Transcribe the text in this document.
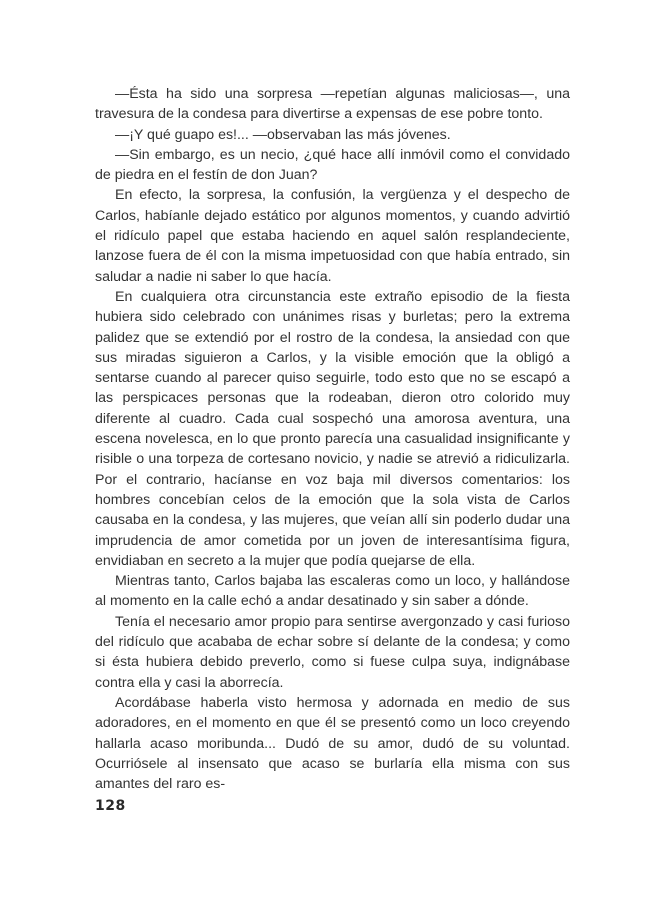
—Ésta ha sido una sorpresa —repetían algunas maliciosas—, una travesura de la condesa para divertirse a expensas de ese pobre tonto.

—¡Y qué guapo es!... —observaban las más jóvenes.

—Sin embargo, es un necio, ¿qué hace allí inmóvil como el convidado de piedra en el festín de don Juan?

En efecto, la sorpresa, la confusión, la vergüenza y el despecho de Carlos, habíanle dejado estático por algunos momentos, y cuando advirtió el ridículo papel que estaba haciendo en aquel salón resplandeciente, lanzose fuera de él con la misma impetuosidad con que había entrado, sin saludar a nadie ni saber lo que hacía.

En cualquiera otra circunstancia este extraño episodio de la fiesta hubiera sido celebrado con unánimes risas y burletas; pero la extrema palidez que se extendió por el rostro de la condesa, la ansiedad con que sus miradas siguieron a Carlos, y la visible emoción que la obligó a sentarse cuando al parecer quiso seguirle, todo esto que no se escapó a las perspicaces personas que la rodeaban, dieron otro colorido muy diferente al cuadro. Cada cual sospechó una amorosa aventura, una escena novelesca, en lo que pronto parecía una casualidad insignificante y risible o una torpeza de cortesano novicio, y nadie se atrevió a ridiculizarla. Por el contrario, hacíanse en voz baja mil diversos comentarios: los hombres concebían celos de la emoción que la sola vista de Carlos causaba en la condesa, y las mujeres, que veían allí sin poderlo dudar una imprudencia de amor cometida por un joven de interesantísima figura, envidiaban en secreto a la mujer que podía quejarse de ella.

Mientras tanto, Carlos bajaba las escaleras como un loco, y hallándose al momento en la calle echó a andar desatinado y sin saber a dónde.

Tenía el necesario amor propio para sentirse avergonzado y casi furioso del ridículo que acababa de echar sobre sí delante de la condesa; y como si ésta hubiera debido preverlo, como si fuese culpa suya, indignábase contra ella y casi la aborrecía.

Acordábase haberla visto hermosa y adornada en medio de sus adoradores, en el momento en que él se presentó como un loco creyendo hallarla acaso moribunda... Dudó de su amor, dudó de su voluntad. Ocurriósele al insensato que acaso se burlaría ella misma con sus amantes del raro es-

128
